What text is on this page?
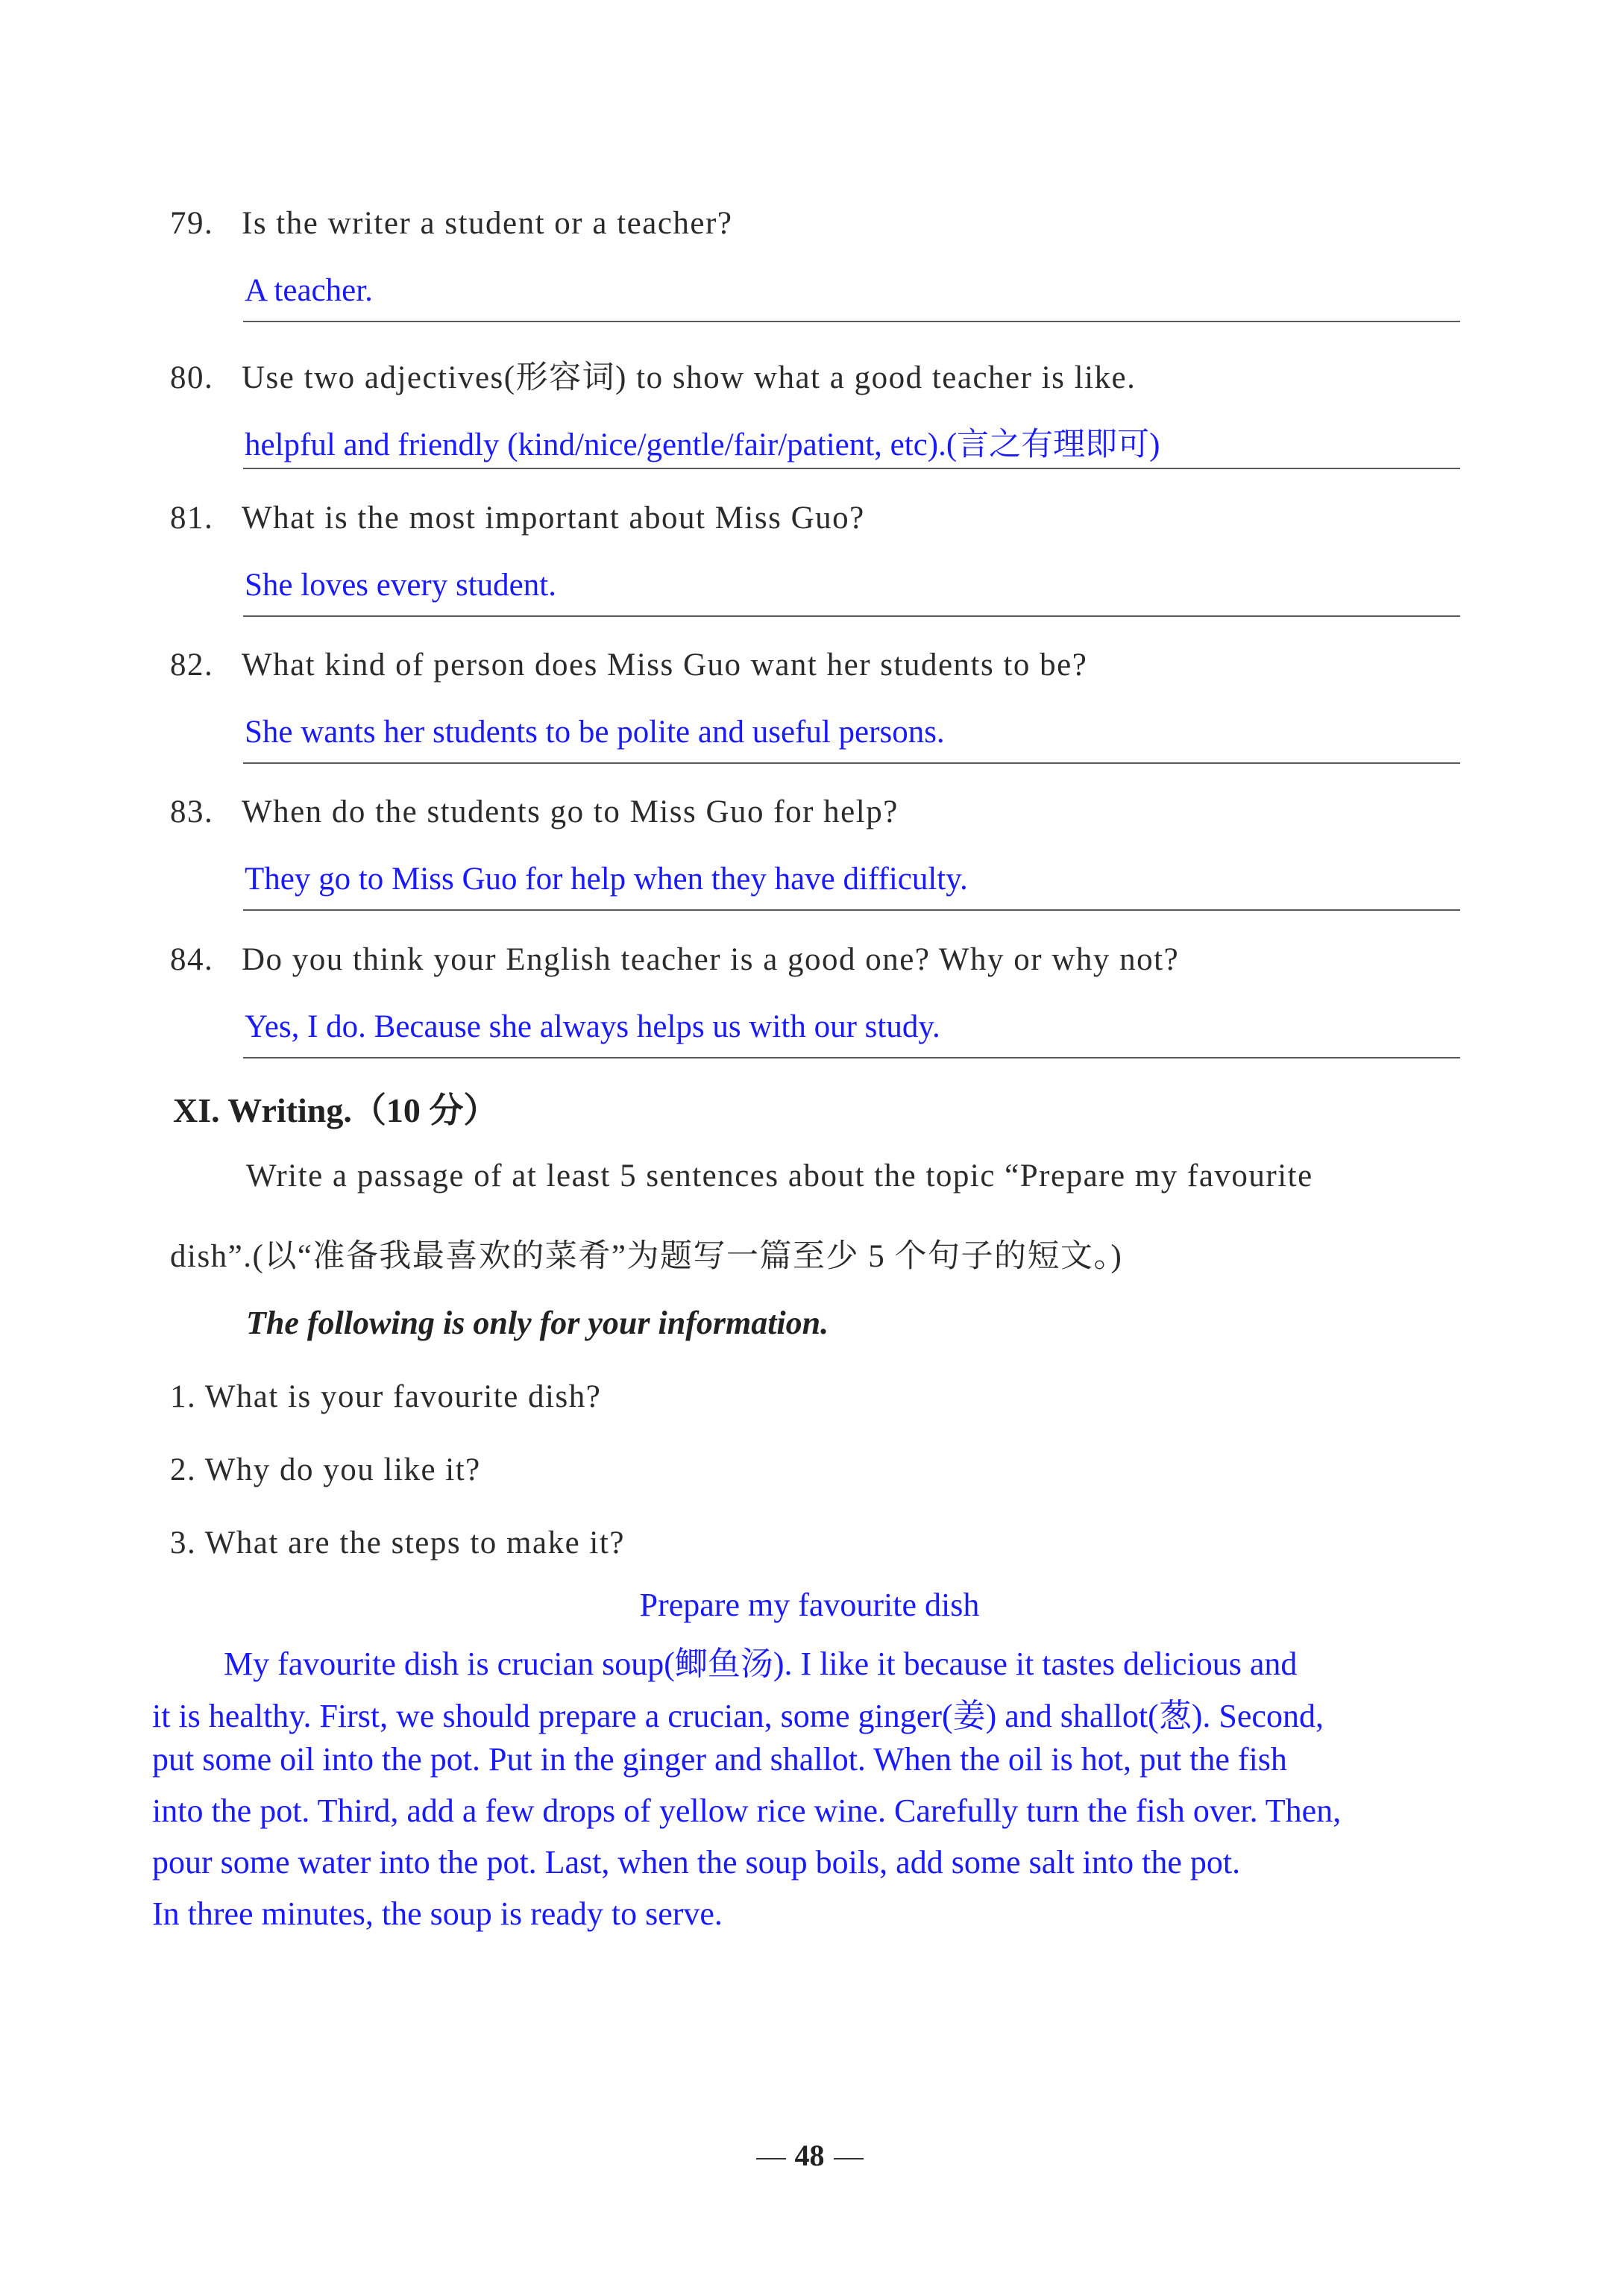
79. Is the writer a student or a teacher?
A teacher.
80. Use two adjectives(形容词) to show what a good teacher is like.
helpful and friendly (kind/nice/gentle/fair/patient, etc).(言之有理即可)
81. What is the most important about Miss Guo?
She loves every student.
82. What kind of person does Miss Guo want her students to be?
She wants her students to be polite and useful persons.
83. When do the students go to Miss Guo for help?
They go to Miss Guo for help when they have difficulty.
84. Do you think your English teacher is a good one? Why or why not?
Yes, I do. Because she always helps us with our study.
XI. Writing.（10 分）
Write a passage of at least 5 sentences about the topic “Prepare my favourite
dish”.(以“准备我最喜欢的菜肴”为题写一篇至少 5 个句子的短文。)
The following is only for your information.
1. What is your favourite dish?
2. Why do you like it?
3. What are the steps to make it?
Prepare my favourite dish
My favourite dish is crucian soup(鲫鱼汤). I like it because it tastes delicious and
it is healthy. First, we should prepare a crucian, some ginger(姜) and shallot(葱). Second,
put some oil into the pot. Put in the ginger and shallot. When the oil is hot, put the fish
into the pot. Third, add a few drops of yellow rice wine. Carefully turn the fish over. Then,
pour some water into the pot. Last, when the soup boils, add some salt into the pot.
In three minutes, the soup is ready to serve.
48
